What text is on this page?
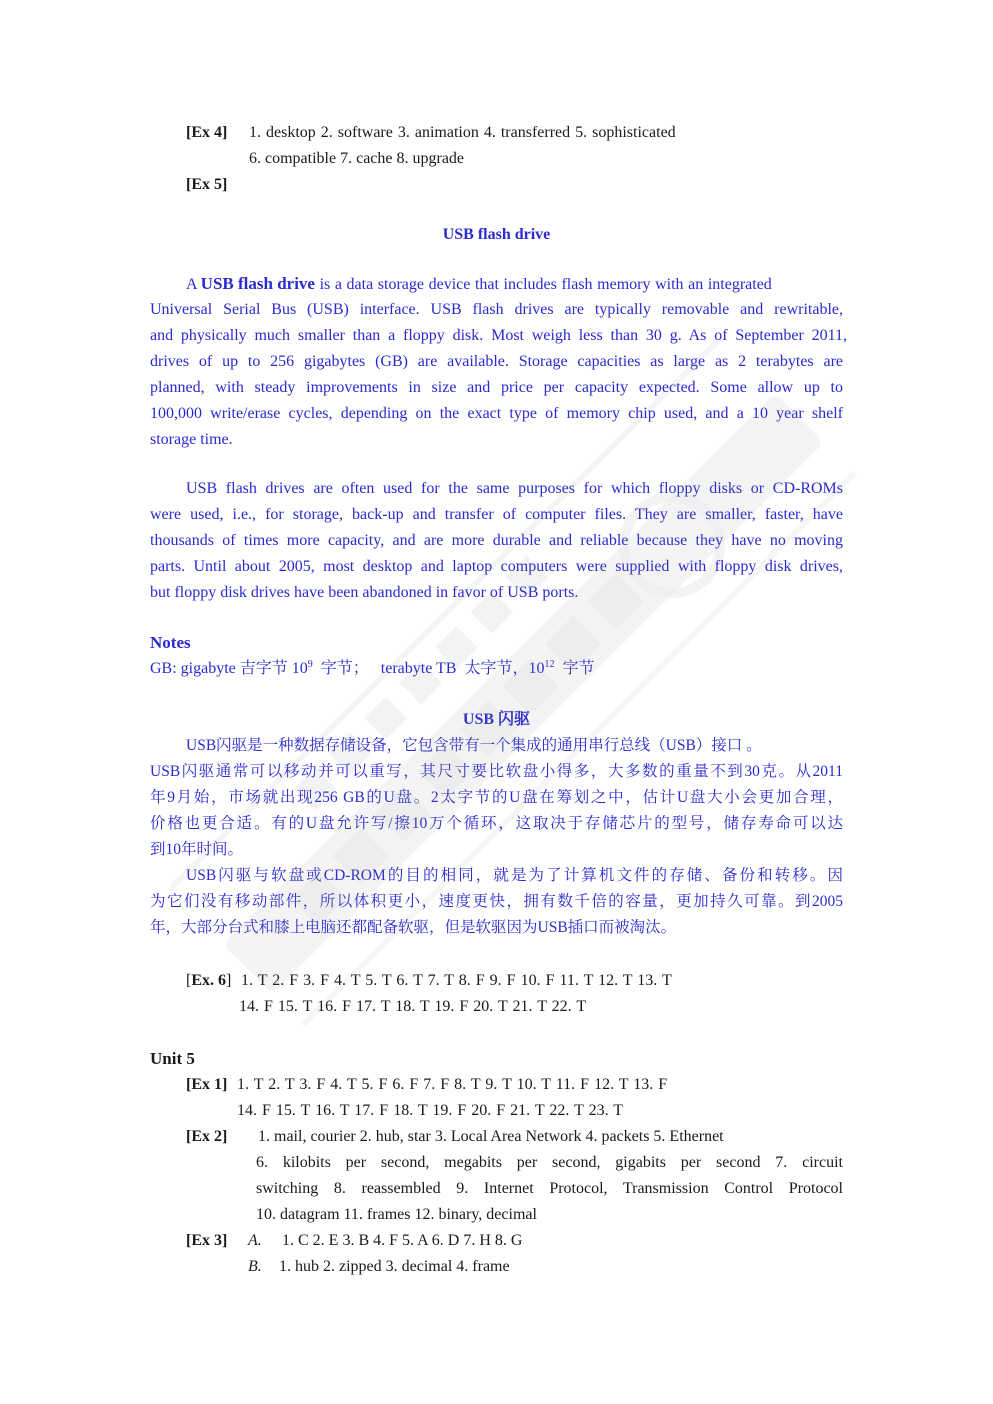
[Ex 4] 1. desktop 2. software 3. animation 4. transferred 5. sophisticated
6. compatible 7. cache 8. upgrade
[Ex 5]
USB flash drive
A USB flash drive is a data storage device that includes flash memory with an integrated
Universal Serial Bus (USB) interface. USB flash drives are typically removable and rewritable,
and physically much smaller than a floppy disk. Most weigh less than 30 g. As of September 2011,
drives of up to 256 gigabytes (GB) are available. Storage capacities as large as 2 terabytes are
planned, with steady improvements in size and price per capacity expected. Some allow up to
100,000 write/erase cycles, depending on the exact type of memory chip used, and a 10 year shelf
storage time.
USB flash drives are often used for the same purposes for which floppy disks or CD-ROMs
were used, i.e., for storage, back-up and transfer of computer files. They are smaller, faster, have
thousands of times more capacity, and are more durable and reliable because they have no moving
parts. Until about 2005, most desktop and laptop computers were supplied with floppy disk drives,
but floppy disk drives have been abandoned in favor of USB ports.
Notes
GB: gigabyte 吉字节 $10^9$  字节；   terabyte TB  太字节，$10^{12}$  字节
USB 闪驱
USB闪驱是一种数据存储设备，它包含带有一个集成的通用串行总线（USB）接口 。
USB闪驱通常可以移动并可以重写，其尺寸要比软盘小得多，大多数的重量不到30克。从2011
年9月始，市场就出现256 GB的U盘。2太字节的U盘在筹划之中，估计U盘大小会更加合理，
价格也更合适。有的U盘允许写/擦10万个循环，这取决于存储芯片的型号，储存寿命可以达
到10年时间。
USB闪驱与软盘或CD-ROM的目的相同，就是为了计算机文件的存储、备份和转移。因
为它们没有移动部件，所以体积更小，速度更快，拥有数千倍的容量，更加持久可靠。到2005
年，大部分台式和膝上电脑还都配备软驱，但是软驱因为USB插口而被淘汰。
[Ex. 6] 1. T 2. F 3. F 4. T 5. T 6. T 7. T 8. F 9. F 10. F 11. T 12. T 13. T
14. F 15. T 16. F 17. T 18. T 19. F 20. T 21. T 22. T
Unit 5
[Ex 1] 1. T 2. T 3. F 4. T 5. F 6. F 7. F 8. T 9. T 10. T 11. F 12. T 13. F
14. F 15. T 16. T 17. F 18. T 19. F 20. F 21. T 22. T 23. T
[Ex 2] 1. mail, courier 2. hub, star 3. Local Area Network 4. packets 5. Ethernet
6. kilobits per second, megabits per second, gigabits per second 7. circuit
switching 8. reassembled 9. Internet Protocol, Transmission Control Protocol
10. datagram 11. frames 12. binary, decimal
[Ex 3] A. 1. C 2. E 3. B 4. F 5. A 6. D 7. H 8. G
B. 1. hub 2. zipped 3. decimal 4. frame
